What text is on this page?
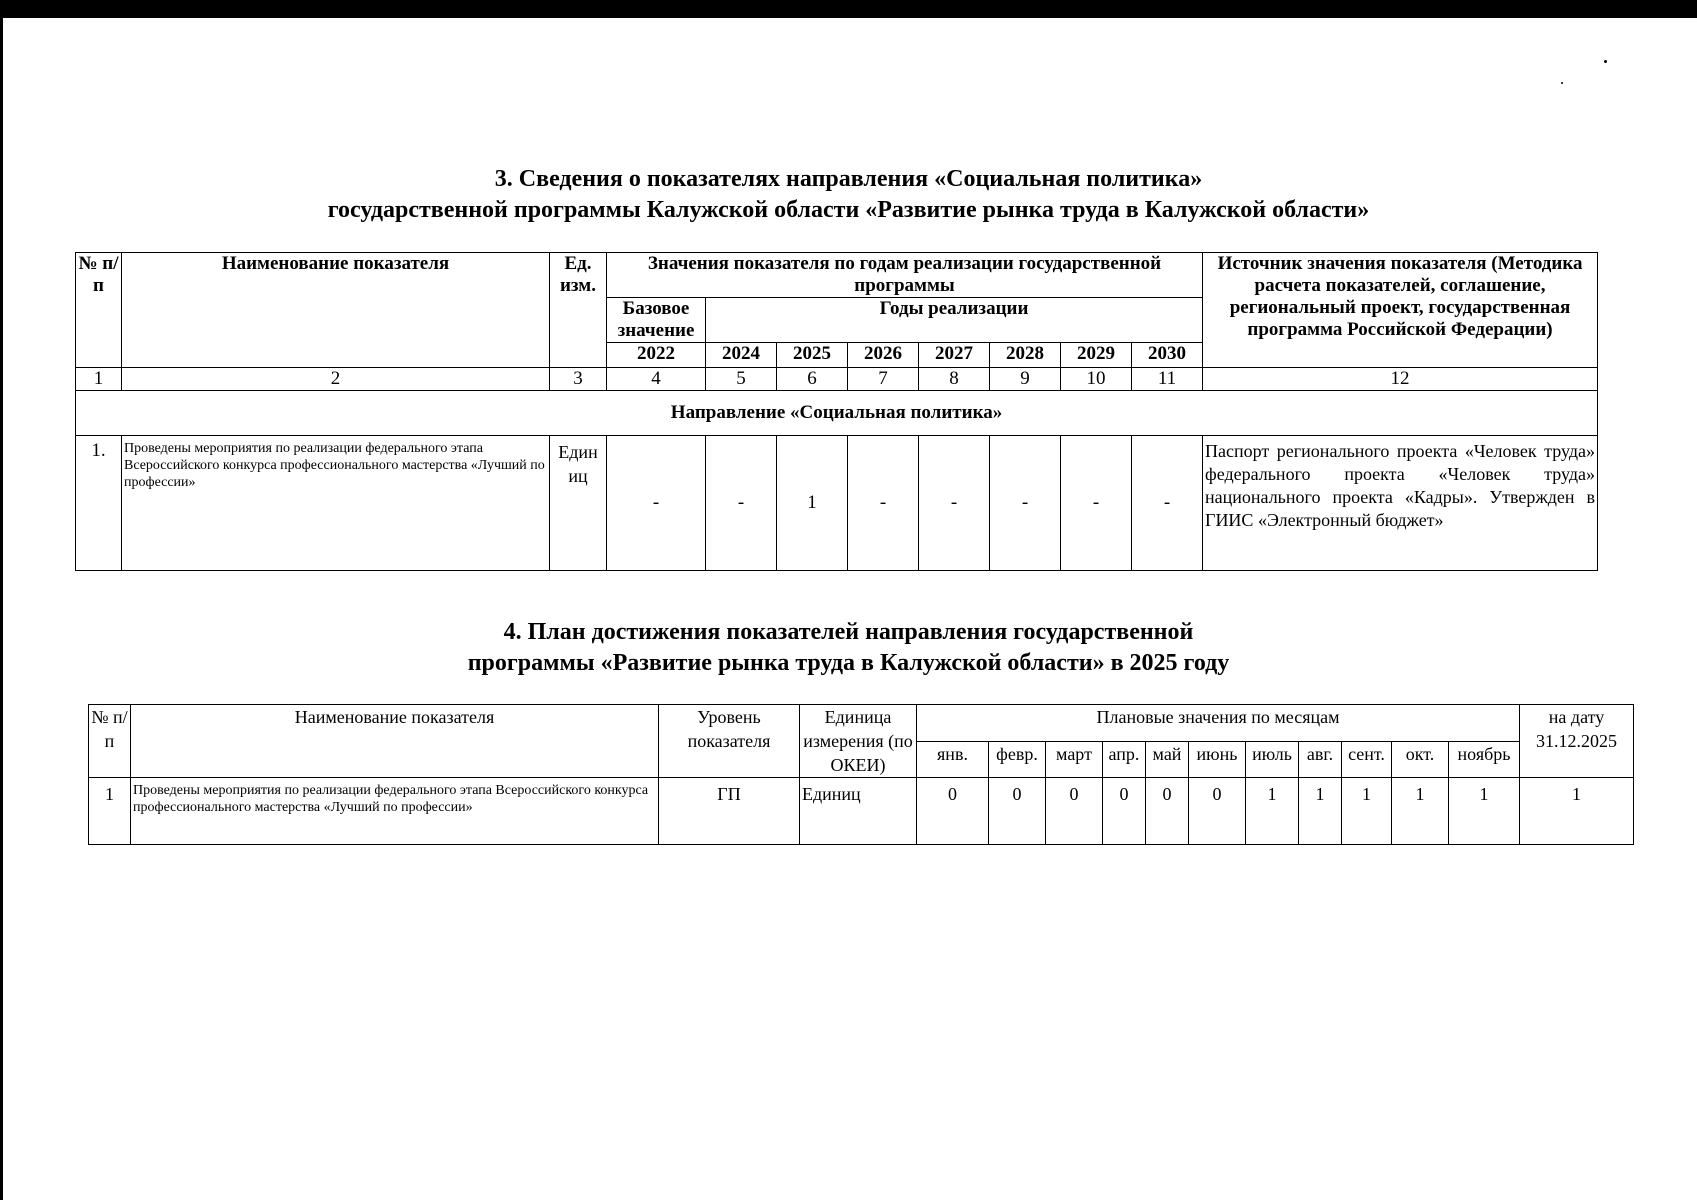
3. Сведения о показателях направления «Социальная политика»
государственной программы Калужской области «Развитие рынка труда в Калужской области»
№ п/п	Наименование показателя	Ед. изм.	Значения показателя по годам реализации государственной программы								Источник значения показателя (Методика расчета показателей, соглашение, региональный проект, государственная программа Российской Федерации)
			Базовое значение	Годы реализации							
			2022	2024	2025	2026	2027	2028	2029	2030	
1	2	3	4	5	6	7	8	9	10	11	12
Направление «Социальная политика»											
1.	Проведены мероприятия по реализации федерального этапа Всероссийского конкурса профессионального мастерства «Лучший по профессии»	Един иц	-	-	1	-	-	-	-	-	Паспорт регионального проекта «Человек труда» федерального проекта «Человек труда» национального проекта «Кадры». Утвержден в ГИИС «Электронный бюджет»
4. План достижения показателей направления государственной
программы «Развитие рынка труда в Калужской области» в 2025 году
№ п/п	Наименование показателя	Уровень показателя	Единица измерения (по ОКЕИ)	Плановые значения по месяцам											на дату 31.12.2025
				янв.	февр.	март	апр.	май	июнь	июль	авг.	сент.	окт.	ноябрь	
1	Проведены мероприятия по реализации федерального этапа Всероссийского конкурса профессионального мастерства «Лучший по профессии»	ГП	Единиц	0	0	0	0	0	0	1	1	1	1	1	1
